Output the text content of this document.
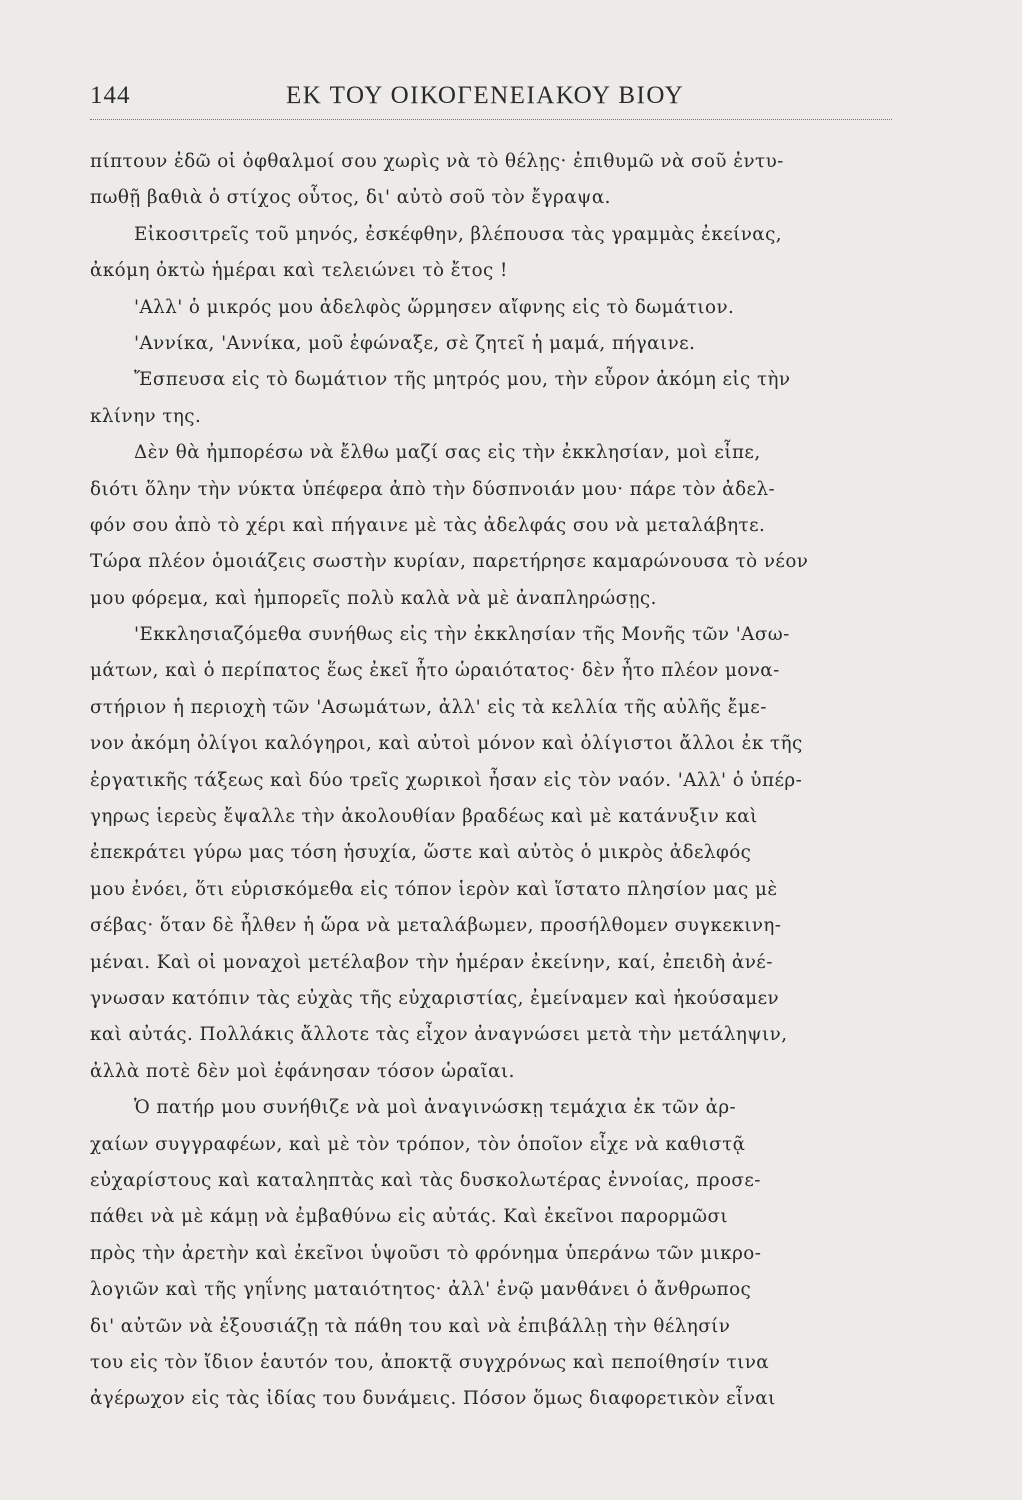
144	ΕΚ ΤΟΥ ΟΙΚΟΓΕΝΕΙΑΚΟΥ ΒΙΟΥ
πίπτουν ἐδῶ οἱ ὀφθαλμοί σου χωρὶς νὰ τὸ θέλῃς· ἐπιθυμῶ νὰ σοῦ ἐντυ-
πωθῇ βαθιὰ ὁ στίχος οὗτος, δι' αὐτὸ σοῦ τὸν ἔγραψα.
Εἰκοσιτρεῖς τοῦ μηνός, ἐσκέφθην, βλέπουσα τὰς γραμμὰς ἐκείνας,
ἀκόμη ὀκτὼ ἡμέραι καὶ τελειώνει τὸ ἔτος !
'Αλλ' ὁ μικρός μου ἀδελφὸς ὥρμησεν αἴφνης εἰς τὸ δωμάτιον.
'Αννίκα, 'Αννίκα, μοῦ ἐφώναξε, σὲ ζητεῖ ἡ μαμά, πήγαινε.
Ἔσπευσα εἰς τὸ δωμάτιον τῆς μητρός μου, τὴν εὗρον ἀκόμη εἰς τὴν
κλίνην της.
Δὲν θὰ ἠμπορέσω νὰ ἔλθω μαζί σας εἰς τὴν ἐκκλησίαν, μοὶ εἶπε,
διότι ὅλην τὴν νύκτα ὑπέφερα ἀπὸ τὴν δύσπνοιάν μου· πάρε τὸν ἀδελ-
φόν σου ἀπὸ τὸ χέρι καὶ πήγαινε μὲ τὰς ἀδελφάς σου νὰ μεταλάβητε.
Τώρα πλέον ὁμοιάζεις σωστὴν κυρίαν, παρετήρησε καμαρώνουσα τὸ νέον
μου φόρεμα, καὶ ἠμπορεῖς πολὺ καλὰ νὰ μὲ ἀναπληρώσῃς.
'Εκκλησιαζόμεθα συνήθως εἰς τὴν ἐκκλησίαν τῆς Μονῆς τῶν 'Ασω-
μάτων, καὶ ὁ περίπατος ἕως ἐκεῖ ἦτο ὡραιότατος· δὲν ἦτο πλέον μονα-
στήριον ἡ περιοχὴ τῶν 'Ασωμάτων, ἀλλ' εἰς τὰ κελλία τῆς αὐλῆς ἔμε-
νον ἀκόμη ὀλίγοι καλόγηροι, καὶ αὐτοὶ μόνον καὶ ὀλίγιστοι ἄλλοι ἐκ τῆς
ἐργατικῆς τάξεως καὶ δύο τρεῖς χωρικοὶ ἦσαν εἰς τὸν ναόν. 'Αλλ' ὁ ὑπέρ-
γηρως ἱερεὺς ἔψαλλε τὴν ἀκολουθίαν βραδέως καὶ μὲ κατάνυξιν καὶ
ἐπεκράτει γύρω μας τόση ἡσυχία, ὥστε καὶ αὐτὸς ὁ μικρὸς ἀδελφός
μου ἐνόει, ὅτι εὑρισκόμεθα εἰς τόπον ἱερὸν καὶ ἵστατο πλησίον μας μὲ
σέβας· ὅταν δὲ ἦλθεν ἡ ὥρα νὰ μεταλάβωμεν, προσήλθομεν συγκεκινη-
μέναι. Καὶ οἱ μοναχοὶ μετέλαβον τὴν ἡμέραν ἐκείνην, καί, ἐπειδὴ ἀνέ-
γνωσαν κατόπιν τὰς εὐχὰς τῆς εὐχαριστίας, ἐμείναμεν καὶ ἠκούσαμεν
καὶ αὐτάς. Πολλάκις ἄλλοτε τὰς εἶχον ἀναγνώσει μετὰ τὴν μετάληψιν,
ἀλλὰ ποτὲ δὲν μοὶ ἐφάνησαν τόσον ὡραῖαι.
Ὁ πατήρ μου συνήθιζε νὰ μοὶ ἀναγινώσκῃ τεμάχια ἐκ τῶν ἀρ-
χαίων συγγραφέων, καὶ μὲ τὸν τρόπον, τὸν ὁποῖον εἶχε νὰ καθιστᾷ
εὐχαρίστους καὶ καταληπτὰς καὶ τὰς δυσκολωτέρας ἐννοίας, προσε-
πάθει νὰ μὲ κάμῃ νὰ ἐμβαθύνω εἰς αὐτάς. Καὶ ἐκεῖνοι παρορμῶσι
πρὸς τὴν ἀρετὴν καὶ ἐκεῖνοι ὑψοῦσι τὸ φρόνημα ὑπεράνω τῶν μικρο-
λογιῶν καὶ τῆς γηΐνης ματαιότητος· ἀλλ' ἐνῷ μανθάνει ὁ ἄνθρωπος
δι' αὐτῶν νὰ ἐξουσιάζῃ τὰ πάθη του καὶ νὰ ἐπιβάλλῃ τὴν θέλησίν
του εἰς τὸν ἴδιον ἑαυτόν του, ἀποκτᾷ συγχρόνως καὶ πεποίθησίν τινα
ἀγέρωχον εἰς τὰς ἰδίας του δυνάμεις. Πόσον ὅμως διαφορετικὸν εἶναι
